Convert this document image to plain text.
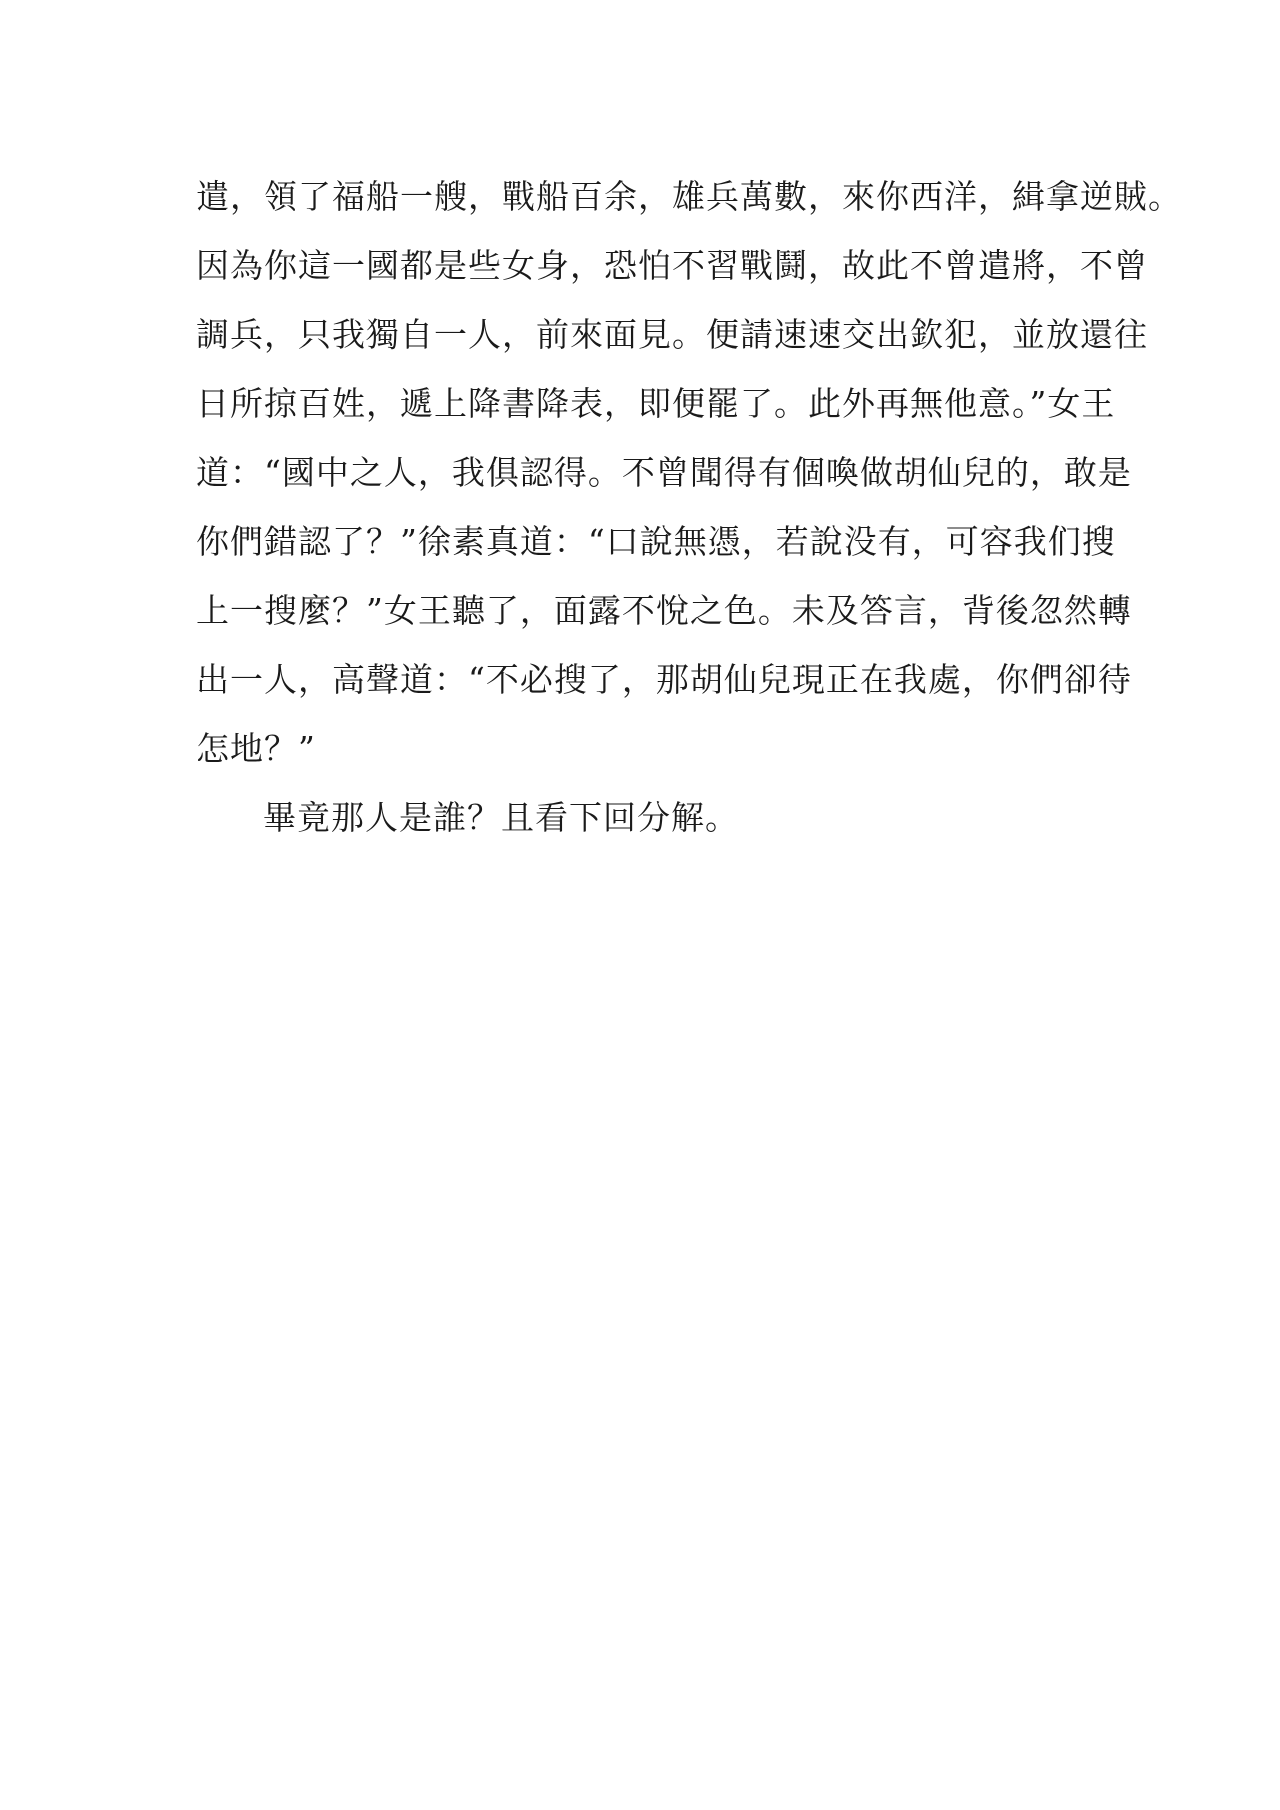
遣，領了福船一艘，戰船百余，雄兵萬數，來你西洋，緝拿逆賊。
因為你這一國都是些女身，恐怕不習戰鬪，故此不曾遣將，不曾
調兵，只我獨自一人，前來面見。便請速速交出欽犯，並放還往
日所掠百姓，遞上降書降表，即便罷了。此外再無他意。”女王
道：“國中之人，我俱認得。不曾聞得有個喚做胡仙兒的，敢是
你們錯認了？”徐素真道：“口說無憑，若說没有，可容我们搜
上一搜麼？”女王聽了，面露不悅之色。未及答言，背後忽然轉
出一人，高聲道：“不必搜了，那胡仙兒現正在我處，你們卻待
怎地？”
畢竟那人是誰？且看下回分解。
